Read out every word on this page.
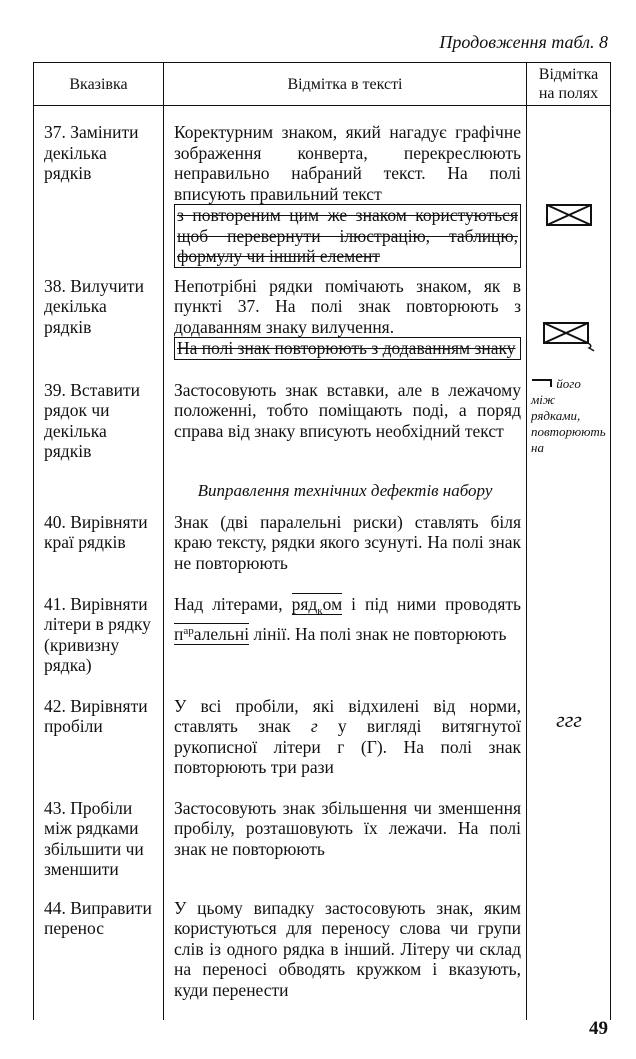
Продовження табл. 8
Вказівка	Відмітка в тексті	Відмітка на полях
37. Замінити декілька рядків	Коректурним знаком, який нагадує графічне зображення конверта, перекреслюють неправильно набраний текст. На полі вписують правильний текст
з повтореним цим же знаком користуються щоб перевернути ілюстрацію, таблицю, формулу чи інший елемент

38. Вилучити декілька рядків	Непотрібні рядки помічають знаком, як в пункті 37. На полі знак повторюють з додаванням знаку вилучення.
На полі знак повторюють з додаванням знаку

39. Вставити рядок чи декілька рядків	Застосовують знак вставки, але в лежачому положенні, тобто поміщають поді, а поряд справа від знаку вписують необхідний текст	його між рядками, повторюють на

	Виправлення технічних дефектів набору	
40. Вирівняти краї рядків	Знак (дві паралельні риски) ставлять біля краю тексту, рядки якого зсунуті. На полі знак не повторюють	
41. Вирівняти літери в рядку (кривизну рядка)	Над літерами, ряд$_к$ом і під ними проводять $п^{ар}алельні$ лінії. На полі знак не повторюють	
42. Вирівняти пробіли	У всі пробіли, які відхилені від норми, ставлять знак г у вигляді витягнутої рукописної літери г (Г). На полі знак повторюють три рази	ггг
43. Пробіли між рядками збільшити чи зменшити	Застосовують знак збільшення чи зменшення пробілу, розташовують їх лежачи. На полі знак не повторюють	
44. Виправити перенос	У цьому випадку застосовують знак, яким користуються для переносу слова чи групи слів із одного рядка в інший. Літеру чи склад на переносі обводять кружком і вказують, куди перенести	
49
